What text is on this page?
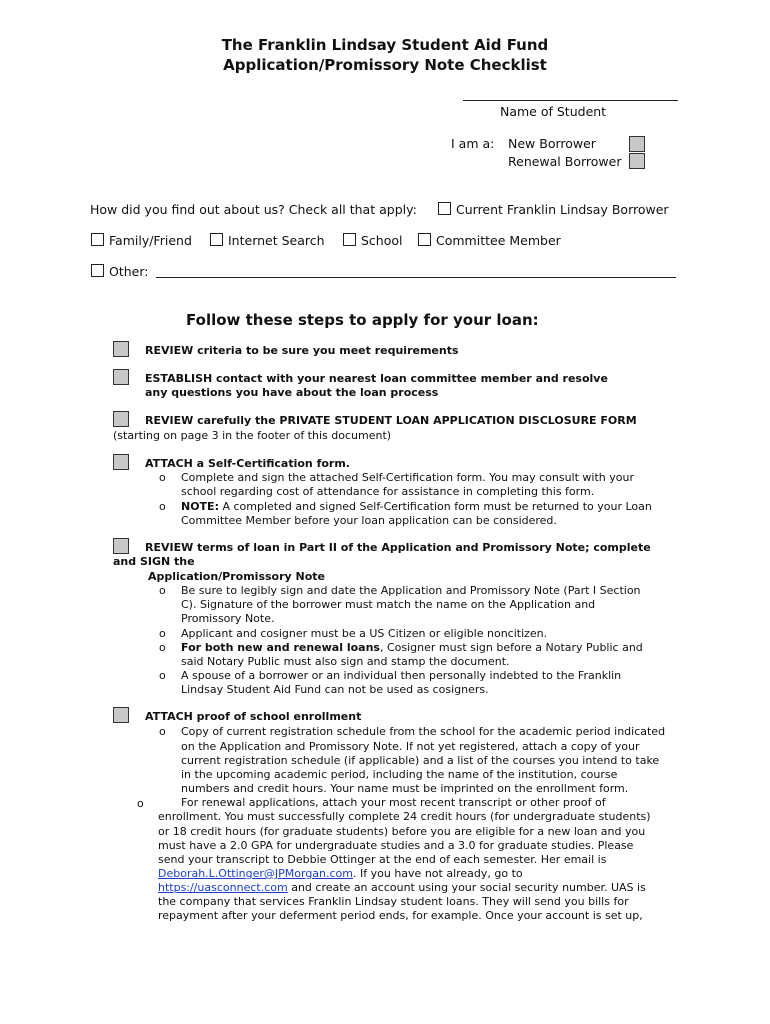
The Franklin Lindsay Student Aid Fund
Application/Promissory Note Checklist
Name of Student
I am a: New Borrower
Renewal Borrower
How did you find out about us? Check all that apply:	Current Franklin Lindsay Borrower
Family/Friend	Internet Search	School	Committee Member
Other:
Follow these steps to apply for your loan:
REVIEW criteria to be sure you meet requirements
ESTABLISH contact with your nearest loan committee member and resolve
any questions you have about the loan process
REVIEW carefully the PRIVATE STUDENT LOAN APPLICATION DISCLOSURE FORM
(starting on page 3 in the footer of this document)
ATTACH a Self-Certification form.
o Complete and sign the attached Self-Certification form. You may consult with your
school regarding cost of attendance for assistance in completing this form.
o NOTE: A completed and signed Self-Certification form must be returned to your Loan
Committee Member before your loan application can be considered.
REVIEW terms of loan in Part II of the Application and Promissory Note; complete
and SIGN the
Application/Promissory Note
o Be sure to legibly sign and date the Application and Promissory Note (Part I Section
C). Signature of the borrower must match the name on the Application and
Promissory Note.
o Applicant and cosigner must be a US Citizen or eligible noncitizen.
o For both new and renewal loans, Cosigner must sign before a Notary Public and
said Notary Public must also sign and stamp the document.
o A spouse of a borrower or an individual then personally indebted to the Franklin
Lindsay Student Aid Fund can not be used as cosigners.
ATTACH proof of school enrollment
o Copy of current registration schedule from the school for the academic period indicated
on the Application and Promissory Note. If not yet registered, attach a copy of your
current registration schedule (if applicable) and a list of the courses you intend to take
in the upcoming academic period, including the name of the institution, course
numbers and credit hours. Your name must be imprinted on the enrollment form.
o	For renewal applications, attach your most recent transcript or other proof of
enrollment. You must successfully complete 24 credit hours (for undergraduate students)
or 18 credit hours (for graduate students) before you are eligible for a new loan and you
must have a 2.0 GPA for undergraduate studies and a 3.0 for graduate studies. Please
send your transcript to Debbie Ottinger at the end of each semester. Her email is
Deborah.L.Ottinger@JPMorgan.com. If you have not already, go to
https://uasconnect.com and create an account using your social security number. UAS is
the company that services Franklin Lindsay student loans. They will send you bills for
repayment after your deferment period ends, for example. Once your account is set up,
